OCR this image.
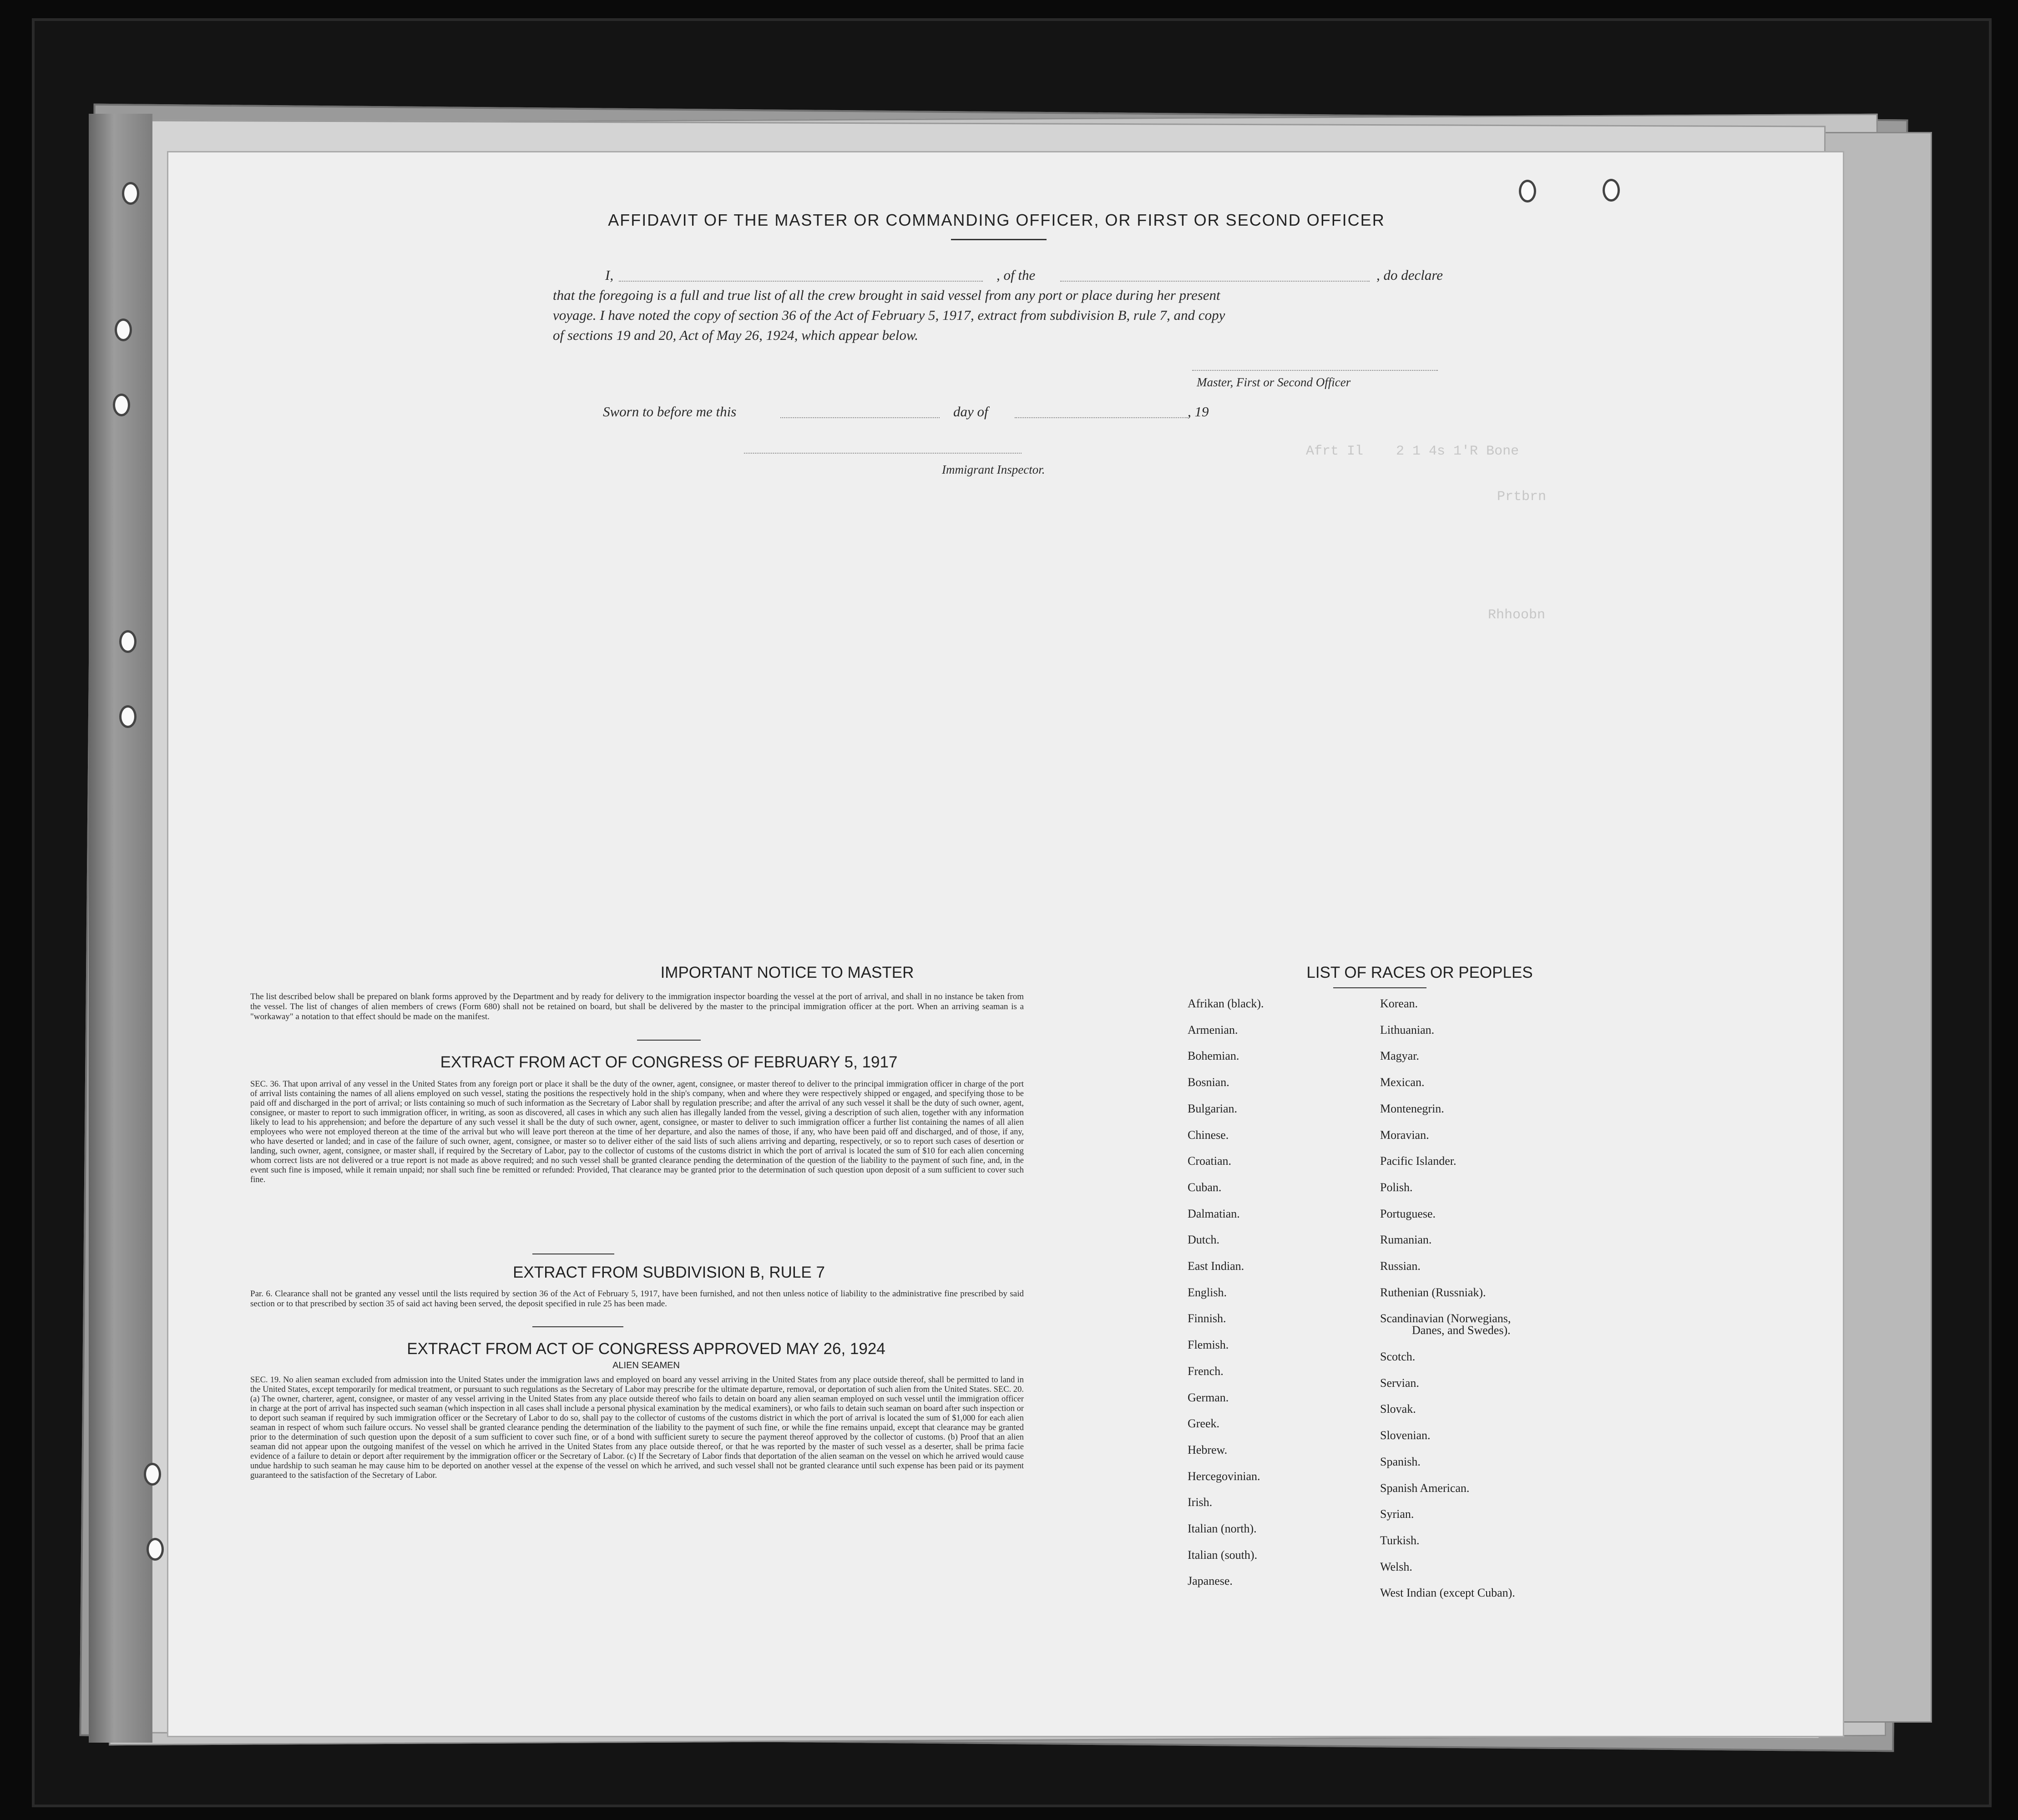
Afrt Il    2 1 4s 1'R Bone
Prtbrn
Rhhoobn
AFFIDAVIT OF THE MASTER OR COMMANDING OFFICER, OR FIRST OR SECOND OFFICER
I,	, of the	, do declare
that the foregoing is a full and true list of all the crew brought in said vessel from any port or place during her present
voyage. I have noted the copy of section 36 of the Act of February 5, 1917, extract from subdivision B, rule 7, and copy
of sections 19 and 20, Act of May 26, 1924, which appear below.
Master, First or Second Officer
Sworn to before me this	day of	, 19
Immigrant Inspector.
IMPORTANT NOTICE TO MASTER
The list described below shall be prepared on blank forms approved by the Department and by ready for delivery to the immigration inspector boarding the vessel at the port of arrival, and shall in no instance be taken from the vessel. The list of changes of alien members of crews (Form 680) shall not be retained on board, but shall be delivered by the master to the principal immigration officer at the port. When an arriving seaman is a "workaway" a notation to that effect should be made on the manifest.
EXTRACT FROM ACT OF CONGRESS OF FEBRUARY 5, 1917
SEC. 36. That upon arrival of any vessel in the United States from any foreign port or place it shall be the duty of the owner, agent, consignee, or master thereof to deliver to the principal immigration officer in charge of the port of arrival lists containing the names of all aliens employed on such vessel, stating the positions the respectively hold in the ship's company, when and where they were respectively shipped or engaged, and specifying those to be paid off and discharged in the port of arrival; or lists containing so much of such information as the Secretary of Labor shall by regulation prescribe; and after the arrival of any such vessel it shall be the duty of such owner, agent, consignee, or master to report to such immigration officer, in writing, as soon as discovered, all cases in which any such alien has illegally landed from the vessel, giving a description of such alien, together with any information likely to lead to his apprehension; and before the departure of any such vessel it shall be the duty of such owner, agent, consignee, or master to deliver to such immigration officer a further list containing the names of all alien employees who were not employed thereon at the time of the arrival but who will leave port thereon at the time of her departure, and also the names of those, if any, who have been paid off and discharged, and of those, if any, who have deserted or landed; and in case of the failure of such owner, agent, consignee, or master so to deliver either of the said lists of such aliens arriving and departing, respectively, or so to report such cases of desertion or landing, such owner, agent, consignee, or master shall, if required by the Secretary of Labor, pay to the collector of customs of the customs district in which the port of arrival is located the sum of $10 for each alien concerning whom correct lists are not delivered or a true report is not made as above required; and no such vessel shall be granted clearance pending the determination of the question of the liability to the payment of such fine, and, in the event such fine is imposed, while it remain unpaid; nor shall such fine be remitted or refunded: Provided, That clearance may be granted prior to the determination of such question upon deposit of a sum sufficient to cover such fine.
EXTRACT FROM SUBDIVISION B, RULE 7
Par. 6. Clearance shall not be granted any vessel until the lists required by section 36 of the Act of February 5, 1917, have been furnished, and not then unless notice of liability to the administrative fine prescribed by said section or to that prescribed by section 35 of said act having been served, the deposit specified in rule 25 has been made.
EXTRACT FROM ACT OF CONGRESS APPROVED MAY 26, 1924
ALIEN SEAMEN
SEC. 19. No alien seaman excluded from admission into the United States under the immigration laws and employed on board any vessel arriving in the United States from any place outside thereof, shall be permitted to land in the United States, except temporarily for medical treatment, or pursuant to such regulations as the Secretary of Labor may prescribe for the ultimate departure, removal, or deportation of such alien from the United States. SEC. 20. (a) The owner, charterer, agent, consignee, or master of any vessel arriving in the United States from any place outside thereof who fails to detain on board any alien seaman employed on such vessel until the immigration officer in charge at the port of arrival has inspected such seaman (which inspection in all cases shall include a personal physical examination by the medical examiners), or who fails to detain such seaman on board after such inspection or to deport such seaman if required by such immigration officer or the Secretary of Labor to do so, shall pay to the collector of customs of the customs district in which the port of arrival is located the sum of $1,000 for each alien seaman in respect of whom such failure occurs. No vessel shall be granted clearance pending the determination of the liability to the payment of such fine, or while the fine remains unpaid, except that clearance may be granted prior to the determination of such question upon the deposit of a sum sufficient to cover such fine, or of a bond with sufficient surety to secure the payment thereof approved by the collector of customs. (b) Proof that an alien seaman did not appear upon the outgoing manifest of the vessel on which he arrived in the United States from any place outside thereof, or that he was reported by the master of such vessel as a deserter, shall be prima facie evidence of a failure to detain or deport after requirement by the immigration officer or the Secretary of Labor. (c) If the Secretary of Labor finds that deportation of the alien seaman on the vessel on which he arrived would cause undue hardship to such seaman he may cause him to be deported on another vessel at the expense of the vessel on which he arrived, and such vessel shall not be granted clearance until such expense has been paid or its payment guaranteed to the satisfaction of the Secretary of Labor.
LIST OF RACES OR PEOPLES
Afrikan (black).
Armenian.
Bohemian.
Bosnian.
Bulgarian.
Chinese.
Croatian.
Cuban.
Dalmatian.
Dutch.
East Indian.
English.
Finnish.
Flemish.
French.
German.
Greek.
Hebrew.
Hercegovinian.
Irish.
Italian (north).
Italian (south).
Japanese.
Korean.
Lithuanian.
Magyar.
Mexican.
Montenegrin.
Moravian.
Pacific Islander.
Polish.
Portuguese.
Rumanian.
Russian.
Ruthenian (Russniak).
Scandinavian (Norwegians,
Danes, and Swedes).
Scotch.
Servian.
Slovak.
Slovenian.
Spanish.
Spanish American.
Syrian.
Turkish.
Welsh.
West Indian (except Cuban).
